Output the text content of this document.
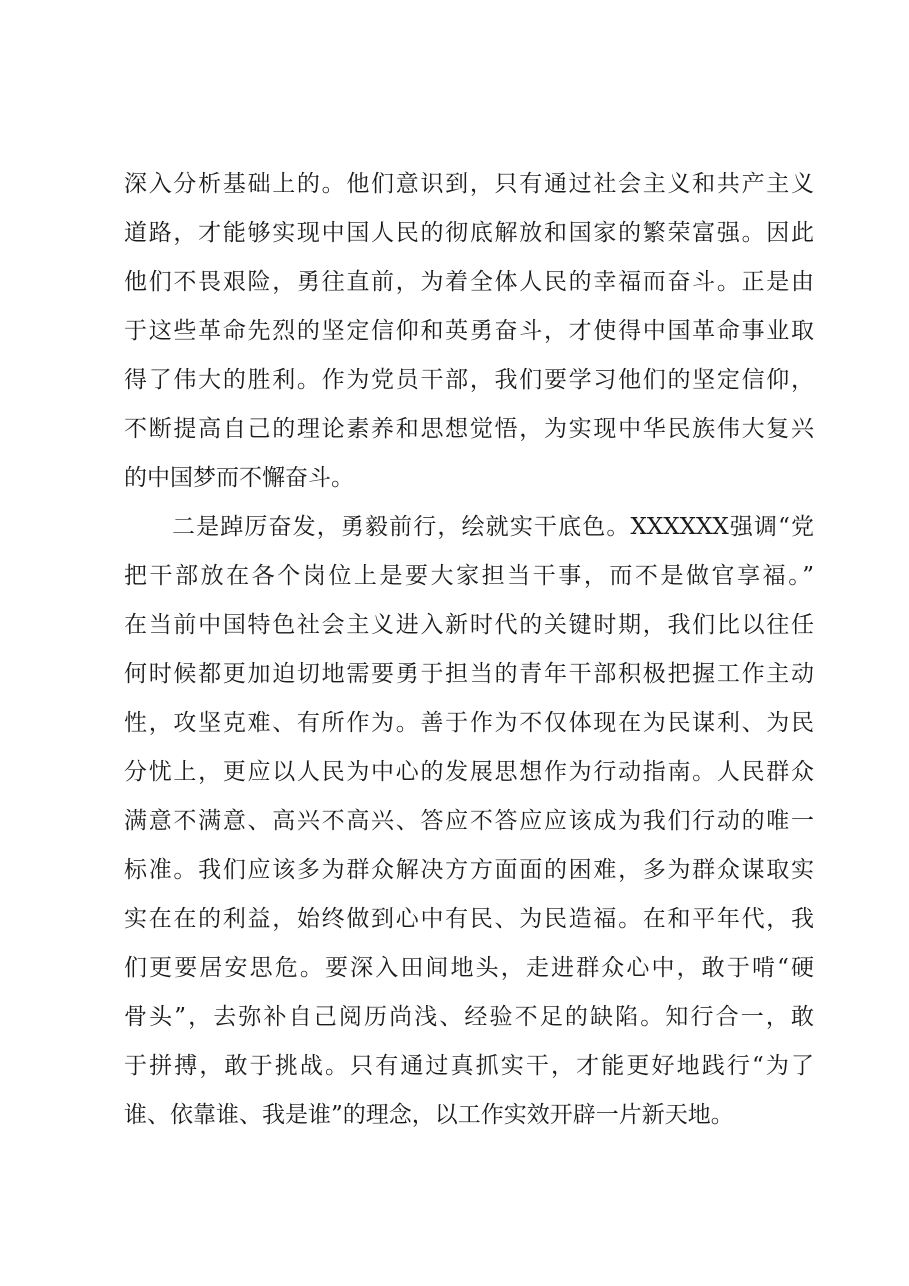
深入分析基础上的。他们意识到，只有通过社会主义和共产主义
道路，才能够实现中国人民的彻底解放和国家的繁荣富强。因此
他们不畏艰险，勇往直前，为着全体人民的幸福而奋斗。正是由
于这些革命先烈的坚定信仰和英勇奋斗，才使得中国革命事业取
得了伟大的胜利。作为党员干部，我们要学习他们的坚定信仰，
不断提高自己的理论素养和思想觉悟，为实现中华民族伟大复兴
的中国梦而不懈奋斗。
二是踔厉奋发，勇毅前行，绘就实干底色。XXXXXX强调“党
把干部放在各个岗位上是要大家担当干事，而不是做官享福。”
在当前中国特色社会主义进入新时代的关键时期，我们比以往任
何时候都更加迫切地需要勇于担当的青年干部积极把握工作主动
性，攻坚克难、有所作为。善于作为不仅体现在为民谋利、为民
分忧上，更应以人民为中心的发展思想作为行动指南。人民群众
满意不满意、高兴不高兴、答应不答应应该成为我们行动的唯一
标准。我们应该多为群众解决方方面面的困难，多为群众谋取实
实在在的利益，始终做到心中有民、为民造福。在和平年代，我
们更要居安思危。要深入田间地头，走进群众心中，敢于啃“硬
骨头”，去弥补自己阅历尚浅、经验不足的缺陷。知行合一，敢
于拼搏，敢于挑战。只有通过真抓实干，才能更好地践行“为了
谁、依靠谁、我是谁”的理念，以工作实效开辟一片新天地。
